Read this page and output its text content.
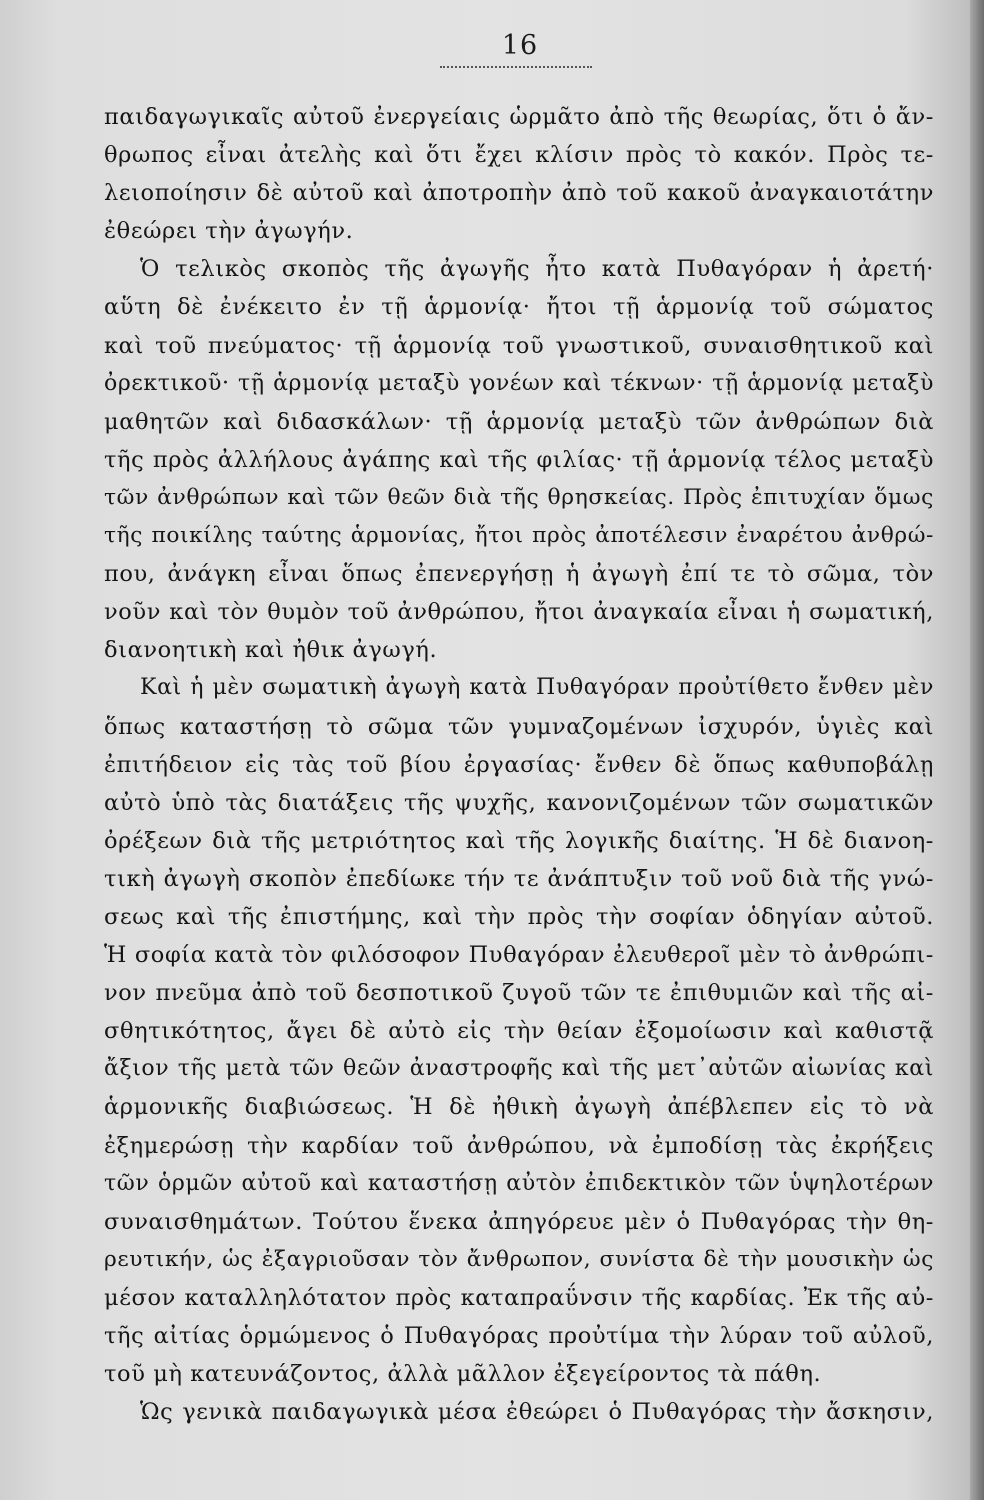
16
παιδαγωγικαῖς αὐτοῦ ἐνεργείαις ὡρμᾶτο ἀπὸ τῆς θεωρίας, ὅτι ὁ ἄν-
θρωπος εἶναι ἀτελὴς καὶ ὅτι ἔχει κλίσιν πρὸς τὸ κακόν. Πρὸς τε-
λειοποίησιν δὲ αὐτοῦ καὶ ἀποτροπὴν ἀπὸ τοῦ κακοῦ ἀναγκαιοτάτην
ἐθεώρει τὴν ἀγωγήν.
Ὁ τελικὸς σκοπὸς τῆς ἀγωγῆς ἦτο κατὰ Πυθαγόραν ἡ ἀρετή·
αὕτη δὲ ἐνέκειτο ἐν τῇ ἁρμονίᾳ· ἤτοι τῇ ἁρμονίᾳ τοῦ σώματος
καὶ τοῦ πνεύματος· τῇ ἁρμονίᾳ τοῦ γνωστικοῦ, συναισθητικοῦ καὶ
ὀρεκτικοῦ· τῇ ἁρμονίᾳ μεταξὺ γονέων καὶ τέκνων· τῇ ἁρμονίᾳ μεταξὺ
μαθητῶν καὶ διδασκάλων· τῇ ἁρμονίᾳ μεταξὺ τῶν ἀνθρώπων διὰ
τῆς πρὸς ἀλλήλους ἀγάπης καὶ τῆς φιλίας· τῇ ἁρμονίᾳ τέλος μεταξὺ
τῶν ἀνθρώπων καὶ τῶν θεῶν διὰ τῆς θρησκείας. Πρὸς ἐπιτυχίαν ὅμως
τῆς ποικίλης ταύτης ἁρμονίας, ἤτοι πρὸς ἀποτέλεσιν ἐναρέτου ἀνθρώ-
που, ἀνάγκη εἶναι ὅπως ἐπενεργήσῃ ἡ ἀγωγὴ ἐπί τε τὸ σῶμα, τὸν
νοῦν καὶ τὸν θυμὸν τοῦ ἀνθρώπου, ἤτοι ἀναγκαία εἶναι ἡ σωματική,
διανοητικὴ καὶ ἠθικ ἀγωγή.
Καὶ ἡ μὲν σωματικὴ ἀγωγὴ κατὰ Πυθαγόραν προὐτίθετο ἔνθεν μὲν
ὅπως καταστήσῃ τὸ σῶμα τῶν γυμναζομένων ἰσχυρόν, ὑγιὲς καὶ
ἐπιτήδειον εἰς τὰς τοῦ βίου ἐργασίας· ἔνθεν δὲ ὅπως καθυποβάλῃ
αὐτὸ ὑπὸ τὰς διατάξεις τῆς ψυχῆς, κανονιζομένων τῶν σωματικῶν
ὀρέξεων διὰ τῆς μετριότητος καὶ τῆς λογικῆς διαίτης. Ἡ δὲ διανοη-
τικὴ ἀγωγὴ σκοπὸν ἐπεδίωκε τήν τε ἀνάπτυξιν τοῦ νοῦ διὰ τῆς γνώ-
σεως καὶ τῆς ἐπιστήμης, καὶ τὴν πρὸς τὴν σοφίαν ὁδηγίαν αὐτοῦ.
Ἡ σοφία κατὰ τὸν φιλόσοφον Πυθαγόραν ἐλευθεροῖ μὲν τὸ ἀνθρώπι-
νον πνεῦμα ἀπὸ τοῦ δεσποτικοῦ ζυγοῦ τῶν τε ἐπιθυμιῶν καὶ τῆς αἰ-
σθητικότητος, ἄγει δὲ αὐτὸ εἰς τὴν θείαν ἐξομοίωσιν καὶ καθιστᾷ
ἄξιον τῆς μετὰ τῶν θεῶν ἀναστροφῆς καὶ τῆς μετ᾽αὐτῶν αἰωνίας καὶ
ἁρμονικῆς διαβιώσεως. Ἡ δὲ ἠθικὴ ἀγωγὴ ἀπέβλεπεν εἰς τὸ νὰ
ἐξημερώσῃ τὴν καρδίαν τοῦ ἀνθρώπου, νὰ ἐμποδίσῃ τὰς ἐκρήξεις
τῶν ὁρμῶν αὐτοῦ καὶ καταστήσῃ αὐτὸν ἐπιδεκτικὸν τῶν ὑψηλοτέρων
συναισθημάτων. Τούτου ἕνεκα ἀπηγόρευε μὲν ὁ Πυθαγόρας τὴν θη-
ρευτικήν, ὡς ἐξαγριοῦσαν τὸν ἄνθρωπον, συνίστα δὲ τὴν μουσικὴν ὡς
μέσον καταλληλότατον πρὸς καταπραΰνσιν τῆς καρδίας. Ἐκ τῆς αὐ-
τῆς αἰτίας ὁρμώμενος ὁ Πυθαγόρας προὐτίμα τὴν λύραν τοῦ αὐλοῦ,
τοῦ μὴ κατευνάζοντος, ἀλλὰ μᾶλλον ἐξεγείροντος τὰ πάθη.
Ὡς γενικὰ παιδαγωγικὰ μέσα ἐθεώρει ὁ Πυθαγόρας τὴν ἄσκησιν,
